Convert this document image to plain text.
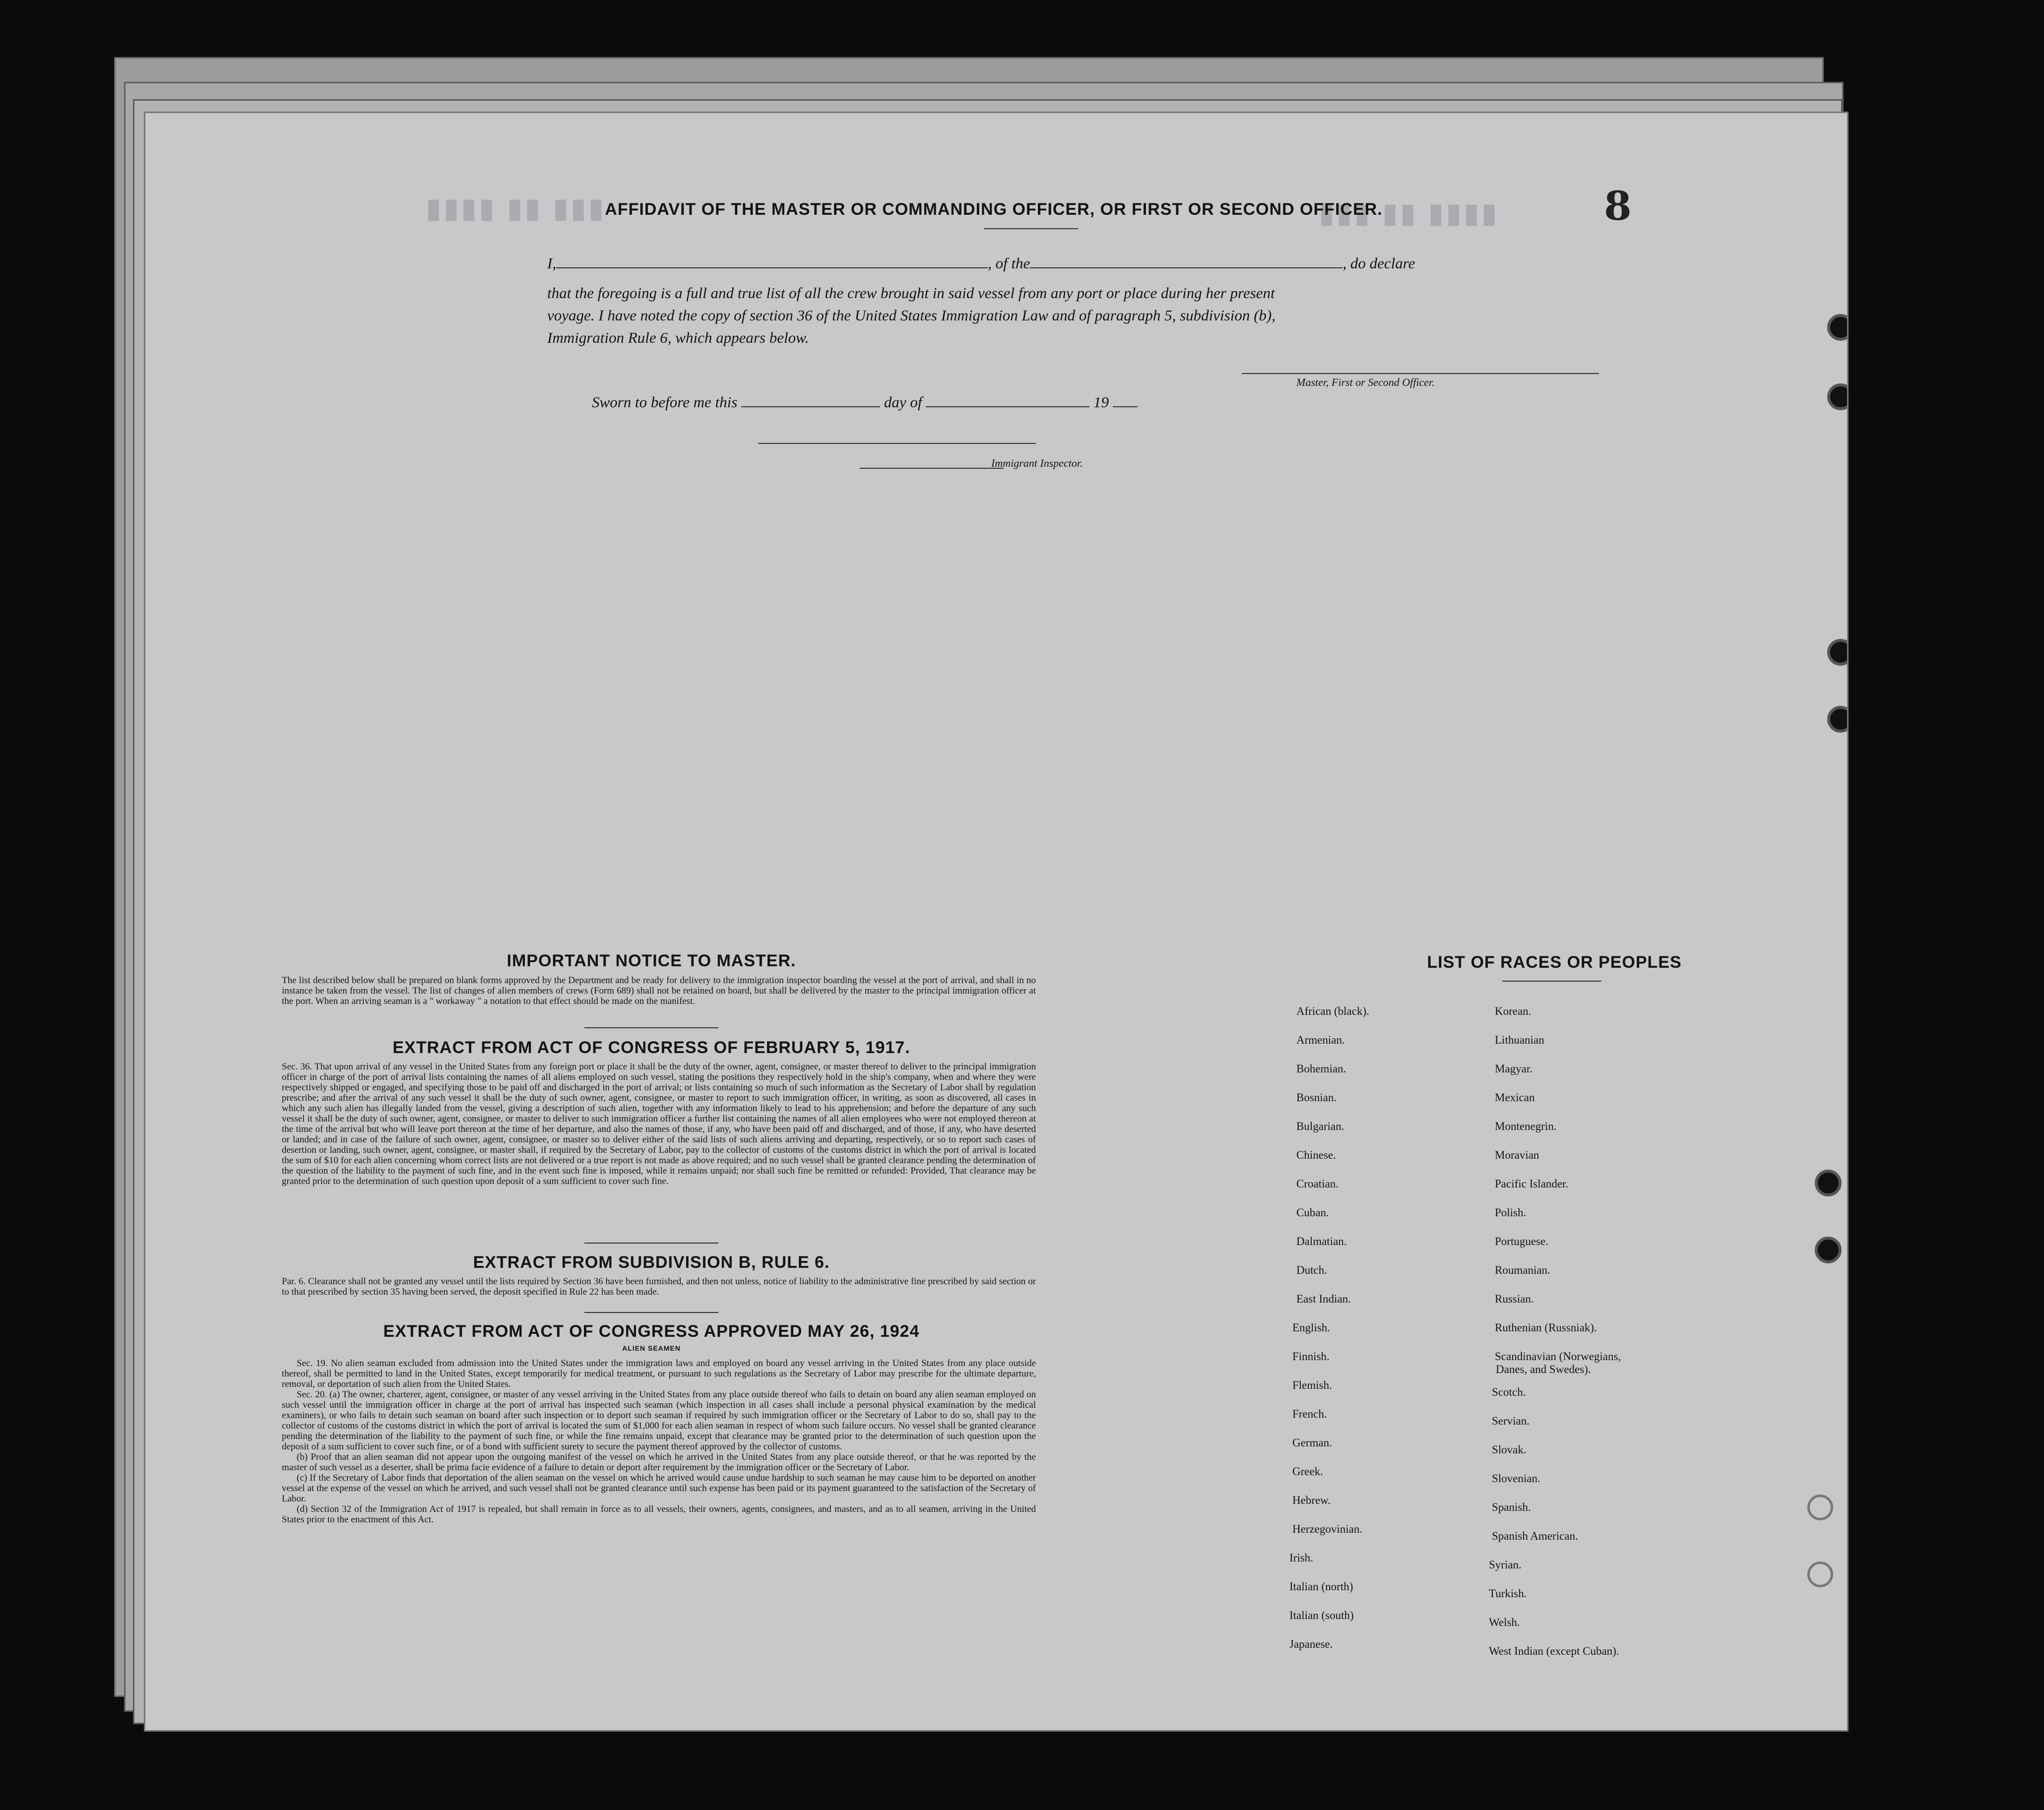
▮▮▮ ▮▮ ▮▮▮▮	▮▮▮▮ ▮▮ ▮▮▮	8
AFFIDAVIT OF THE MASTER OR COMMANDING OFFICER, OR FIRST OR SECOND OFFICER.
I,	, of the	, do declare
that the foregoing is a full and true list of all the crew brought in said vessel from any port or place during her present
voyage. I have noted the copy of section 36 of the United States Immigration Law and of paragraph 5, subdivision (b),
Immigration Rule 6, which appears below.
Master, First or Second Officer.
Sworn to before me this	day of	19
Immigrant Inspector.
IMPORTANT NOTICE TO MASTER.
The list described below shall be prepared on blank forms approved by the Department and be ready for delivery to the immigration inspector boarding the vessel at the port of arrival, and shall in no instance be taken from the vessel. The list of changes of alien members of crews (Form 689) shall not be retained on board, but shall be delivered by the master to the principal immigration officer at the port. When an arriving seaman is a " workaway " a notation to that effect should be made on the manifest.
EXTRACT FROM ACT OF CONGRESS OF FEBRUARY 5, 1917.
Sec. 36. That upon arrival of any vessel in the United States from any foreign port or place it shall be the duty of the owner, agent, consignee, or master thereof to deliver to the principal immigration officer in charge of the port of arrival lists containing the names of all aliens employed on such vessel, stating the positions they respectively hold in the ship's company, when and where they were respectively shipped or engaged, and specifying those to be paid off and discharged in the port of arrival; or lists containing so much of such information as the Secretary of Labor shall by regulation prescribe; and after the arrival of any such vessel it shall be the duty of such owner, agent, consignee, or master to report to such immigration officer, in writing, as soon as discovered, all cases in which any such alien has illegally landed from the vessel, giving a description of such alien, together with any information likely to lead to his apprehension; and before the departure of any such vessel it shall be the duty of such owner, agent, consignee, or master to deliver to such immigration officer a further list containing the names of all alien employees who were not employed thereon at the time of the arrival but who will leave port thereon at the time of her departure, and also the names of those, if any, who have been paid off and discharged, and of those, if any, who have deserted or landed; and in case of the failure of such owner, agent, consignee, or master so to deliver either of the said lists of such aliens arriving and departing, respectively, or so to report such cases of desertion or landing, such owner, agent, consignee, or master shall, if required by the Secretary of Labor, pay to the collector of customs of the customs district in which the port of arrival is located the sum of $10 for each alien concerning whom correct lists are not delivered or a true report is not made as above required; and no such vessel shall be granted clearance pending the determination of the question of the liability to the payment of such fine, and in the event such fine is imposed, while it remains unpaid; nor shall such fine be remitted or refunded: Provided, That clearance may be granted prior to the determination of such question upon deposit of a sum sufficient to cover such fine.
EXTRACT FROM SUBDIVISION B, RULE 6.
Par. 6. Clearance shall not be granted any vessel until the lists required by Section 36 have been furnished, and then not unless, notice of liability to the administrative fine prescribed by said section or to that prescribed by section 35 having been served, the deposit specified in Rule 22 has been made.
EXTRACT FROM ACT OF CONGRESS APPROVED MAY 26, 1924
ALIEN SEAMEN
Sec. 19. No alien seaman excluded from admission into the United States under the immigration laws and employed on board any vessel arriving in the United States from any place outside thereof, shall be permitted to land in the United States, except temporarily for medical treatment, or pursuant to such regulations as the Secretary of Labor may prescribe for the ultimate departure, removal, or deportation of such alien from the United States.
Sec. 20. (a) The owner, charterer, agent, consignee, or master of any vessel arriving in the United States from any place outside thereof who fails to detain on board any alien seaman employed on such vessel until the immigration officer in charge at the port of arrival has inspected such seaman (which inspection in all cases shall include a personal physical examination by the medical examiners), or who fails to detain such seaman on board after such inspection or to deport such seaman if required by such immigration officer or the Secretary of Labor to do so, shall pay to the collector of customs of the customs district in which the port of arrival is located the sum of $1,000 for each alien seaman in respect of whom such failure occurs. No vessel shall be granted clearance pending the determination of the liability to the payment of such fine, or while the fine remains unpaid, except that clearance may be granted prior to the determination of such question upon the deposit of a sum sufficient to cover such fine, or of a bond with sufficient surety to secure the payment thereof approved by the collector of customs.
(b) Proof that an alien seaman did not appear upon the outgoing manifest of the vessel on which he arrived in the United States from any place outside thereof, or that he was reported by the master of such vessel as a deserter, shall be prima facie evidence of a failure to detain or deport after requirement by the immigration officer or the Secretary of Labor.
(c) If the Secretary of Labor finds that deportation of the alien seaman on the vessel on which he arrived would cause undue hardship to such seaman he may cause him to be deported on another vessel at the expense of the vessel on which he arrived, and such vessel shall not be granted clearance until such expense has been paid or its payment guaranteed to the satisfaction of the Secretary of Labor.
(d) Section 32 of the Immigration Act of 1917 is repealed, but shall remain in force as to all vessels, their owners, agents, consignees, and masters, and as to all seamen, arriving in the United States prior to the enactment of this Act.
LIST OF RACES OR PEOPLES
Danes, and Swedes).
African (black).
Armenian.
Bohemian.
Bosnian.
Bulgarian.
Chinese.
Croatian.
Cuban.
Dalmatian.
Dutch.
East Indian.
English.
Finnish.
Flemish.
French.
German.
Greek.
Hebrew.
Herzegovinian.
Irish.
Italian (north)
Italian (south)
Japanese.
Korean.
Lithuanian
Magyar.
Mexican
Montenegrin.
Moravian
Pacific Islander.
Polish.
Portuguese.
Roumanian.
Russian.
Ruthenian (Russniak).
Scandinavian (Norwegians,
Scotch.
Servian.
Slovak.
Slovenian.
Spanish.
Spanish American.
Syrian.
Turkish.
Welsh.
West Indian (except Cuban).
